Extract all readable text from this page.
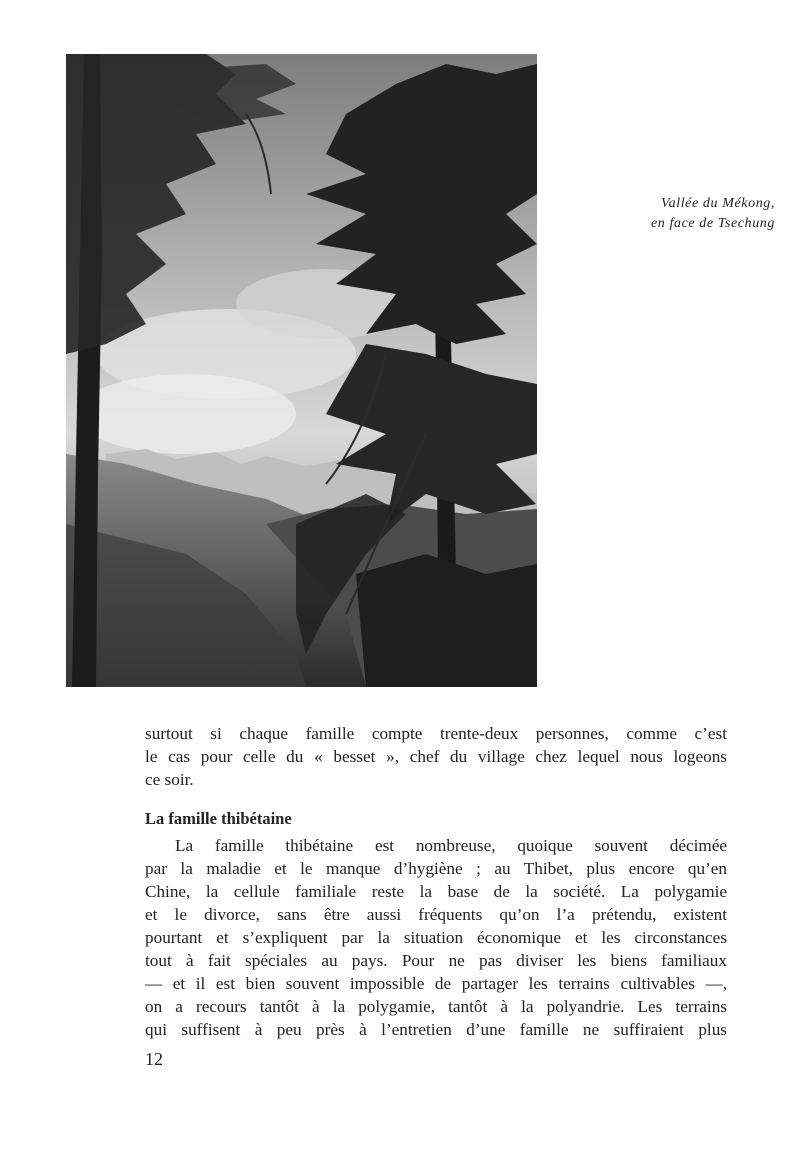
Vallée du Mékong,
en face de Tsechung
surtout si chaque famille compte trente-deux personnes, comme c’est
le cas pour celle du « besset », chef du village chez lequel nous logeons
ce soir.
La famille thibétaine
La famille thibétaine est nombreuse, quoique souvent décimée
par la maladie et le manque d’hygiène ; au Thibet, plus encore qu’en
Chine, la cellule familiale reste la base de la société. La polygamie
et le divorce, sans être aussi fréquents qu’on l’a prétendu, existent
pourtant et s’expliquent par la situation économique et les circonstances
tout à fait spéciales au pays. Pour ne pas diviser les biens familiaux
— et il est bien souvent impossible de partager les terrains cultivables —,
on a recours tantôt à la polygamie, tantôt à la polyandrie. Les terrains
qui suffisent à peu près à l’entretien d’une famille ne suffiraient plus
12
